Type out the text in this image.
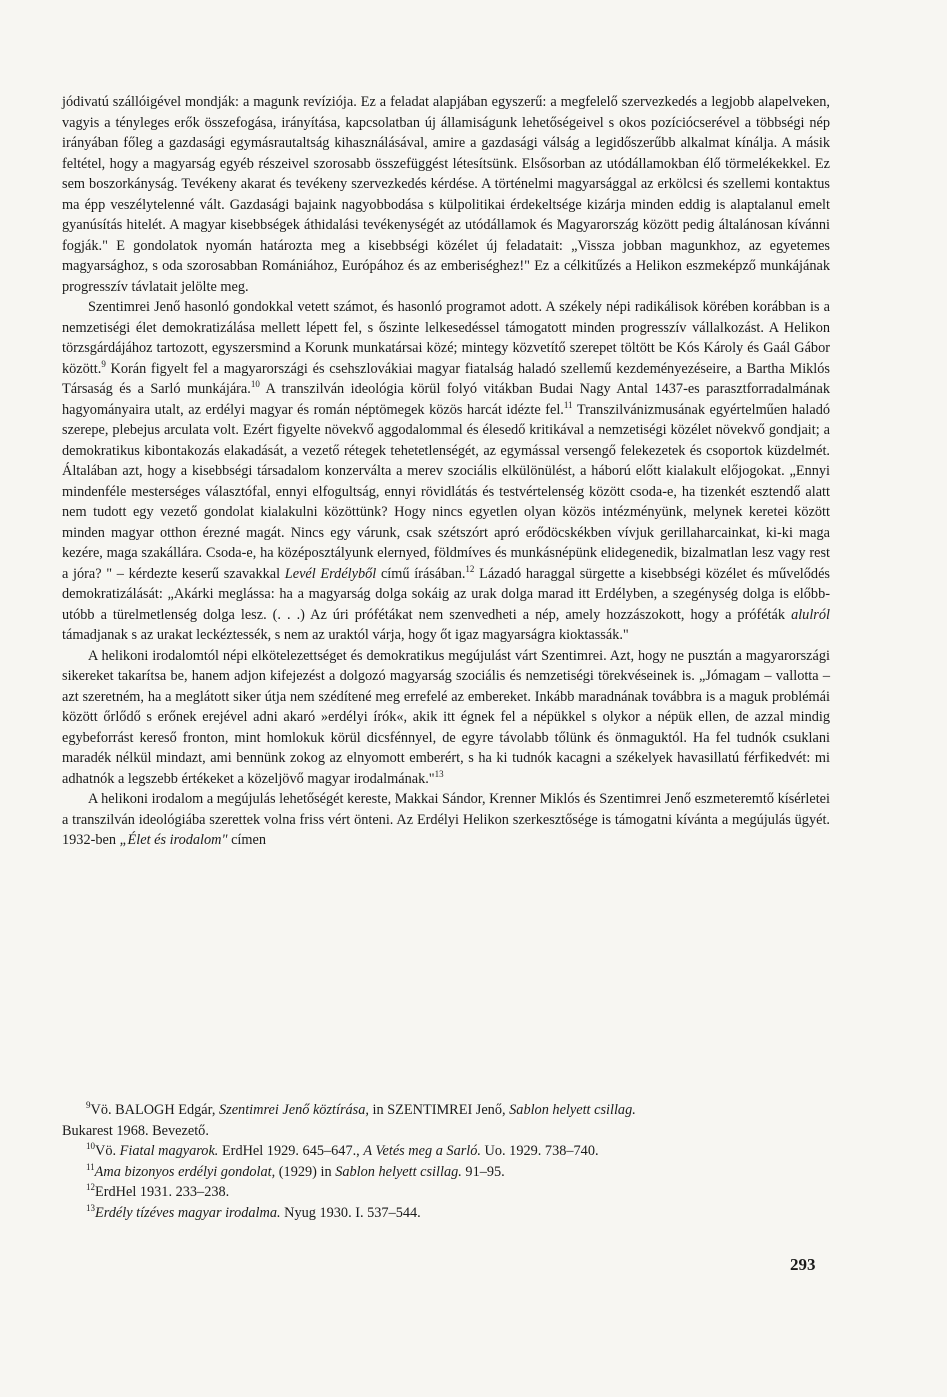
jódivatú szállóigével mondják: a magunk revíziója. Ez a feladat alapjában egyszerű: a megfelelő szervezkedés a legjobb alapelveken, vagyis a tényleges erők összefogása, irányítása, kapcsolatban új államiságunk lehetőségeivel s okos pozíciócserével a többségi nép irányában főleg a gazdasági egymásrautaltság kihasználásával, amire a gazdasági válság a legidőszerűbb alkalmat kínálja. A másik feltétel, hogy a magyarság egyéb részeivel szorosabb összefüggést létesítsünk. Elsősorban az utódállamokban élő törmelékekkel. Ez sem boszorkányság. Tevékeny akarat és tevékeny szervezkedés kérdése. A történelmi magyarsággal az erkölcsi és szellemi kontaktus ma épp veszélytelenné vált. Gazdasági bajaink nagyobbodása s külpolitikai érdekeltsége kizárja minden eddig is alaptalanul emelt gyanúsítás hitelét. A magyar kisebbségek áthidalási tevékenységét az utódállamok és Magyarország között pedig általánosan kívánni fogják." E gondolatok nyomán határozta meg a kisebbségi közélet új feladatait: „Vissza jobban magunkhoz, az egyetemes magyarsághoz, s oda szorosabban Romániához, Európához és az emberiséghez!" Ez a célkitűzés a Helikon eszmeképző munkájának progresszív távlatait jelölte meg.

Szentimrei Jenő hasonló gondokkal vetett számot, és hasonló programot adott. A székely népi radikálisok körében korábban is a nemzetiségi élet demokratizálása mellett lépett fel, s őszinte lelkesedéssel támogatott minden progresszív vállalkozást. A Helikon törzsgárdájához tartozott, egyszersmind a Korunk munkatársai közé; mintegy közvetítő szerepet töltött be Kós Károly és Gaál Gábor között.$^9$ Korán figyelt fel a magyarországi és csehszlovákiai magyar fiatalság haladó szellemű kezdeményezéseire, a Bartha Miklós Társaság és a Sarló munkájára.$^{10}$ A transzilván ideológia körül folyó vitákban Budai Nagy Antal 1437-es parasztforradalmának hagyományaira utalt, az erdélyi magyar és román néptömegek közös harcát idézte fel.$^{11}$ Transzilvánizmusának egyértelműen haladó szerepe, plebejus arculata volt. Ezért figyelte növekvő aggodalommal és élesedő kritikával a nemzetiségi közélet növekvő gondjait; a demokratikus kibontakozás elakadását, a vezető rétegek tehetetlenségét, az egymással versengő felekezetek és csoportok küzdelmét. Általában azt, hogy a kisebbségi társadalom konzerválta a merev szociális elkülönülést, a háború előtt kialakult előjogokat. „Ennyi mindenféle mesterséges választófal, ennyi elfogultság, ennyi rövidlátás és testvértelenség között csoda-e, ha tizenkét esztendő alatt nem tudott egy vezető gondolat kialakulni közöttünk? Hogy nincs egyetlen olyan közös intézményünk, melynek keretei között minden magyar otthon érezné magát. Nincs egy várunk, csak szétszórt apró erődöcskékben vívjuk gerillaharcainkat, ki-ki maga kezére, maga szakállára. Csoda-e, ha középosztályunk elernyed, földmíves és munkásnépünk elidegenedik, bizalmatlan lesz vagy rest a jóra? " – kérdezte keserű szavakkal Levél Erdélyből című írásában.$^{12}$ Lázadó haraggal sürgette a kisebbségi közélet és művelődés demokratizálását: „Akárki meglássa: ha a magyarság dolga sokáig az urak dolga marad itt Erdélyben, a szegénység dolga is előbb-utóbb a türelmetlenség dolga lesz. (. . .) Az úri prófétákat nem szenvedheti a nép, amely hozzászokott, hogy a próféták alulról támadjanak s az urakat leckéztessék, s nem az uraktól várja, hogy őt igaz magyarságra kioktassák."

A helikoni irodalomtól népi elkötelezettséget és demokratikus megújulást várt Szentimrei. Azt, hogy ne pusztán a magyarországi sikereket takarítsa be, hanem adjon kifejezést a dolgozó magyarság szociális és nemzetiségi törekvéseinek is. „Jómagam – vallotta – azt szeretném, ha a meglátott siker útja nem szédítené meg errefelé az embereket. Inkább maradnának továbbra is a maguk problémái között őrlődő s erőnek erejével adni akaró »erdélyi írók«, akik itt égnek fel a népükkel s olykor a népük ellen, de azzal mindig egybeforrást kereső fronton, mint homlokuk körül dicsfénnyel, de egyre távolabb tőlünk és önmaguktól. Ha fel tudnók csuklani maradék nélkül mindazt, ami bennünk zokog az elnyomott emberért, s ha ki tudnók kacagni a székelyek havasillatú férfikedvét: mi adhatnók a legszebb értékeket a közeljövő magyar irodalmának."$^{13}$

A helikoni irodalom a megújulás lehetőségét kereste, Makkai Sándor, Krenner Miklós és Szentimrei Jenő eszmeteremtő kísérletei a transzilván ideológiába szerettek volna friss vért önteni. Az Erdélyi Helikon szerkesztősége is támogatni kívánta a megújulás ügyét. 1932-ben „Élet és irodalom" címen

$^9$Vö. BALOGH Edgár, Szentimrei Jenő köztírása, in SZENTIMREI Jenő, Sablon helyett csillag.
Bukarest 1968. Bevezető.
$^{10}$Vö. Fiatal magyarok. ErdHel 1929. 645–647., A Vetés meg a Sarló. Uo. 1929. 738–740.
$^{11}$Ama bizonyos erdélyi gondolat, (1929) in Sablon helyett csillag. 91–95.
$^{12}$ErdHel 1931. 233–238.
$^{13}$Erdély tízéves magyar irodalma. Nyug 1930. I. 537–544.
293
